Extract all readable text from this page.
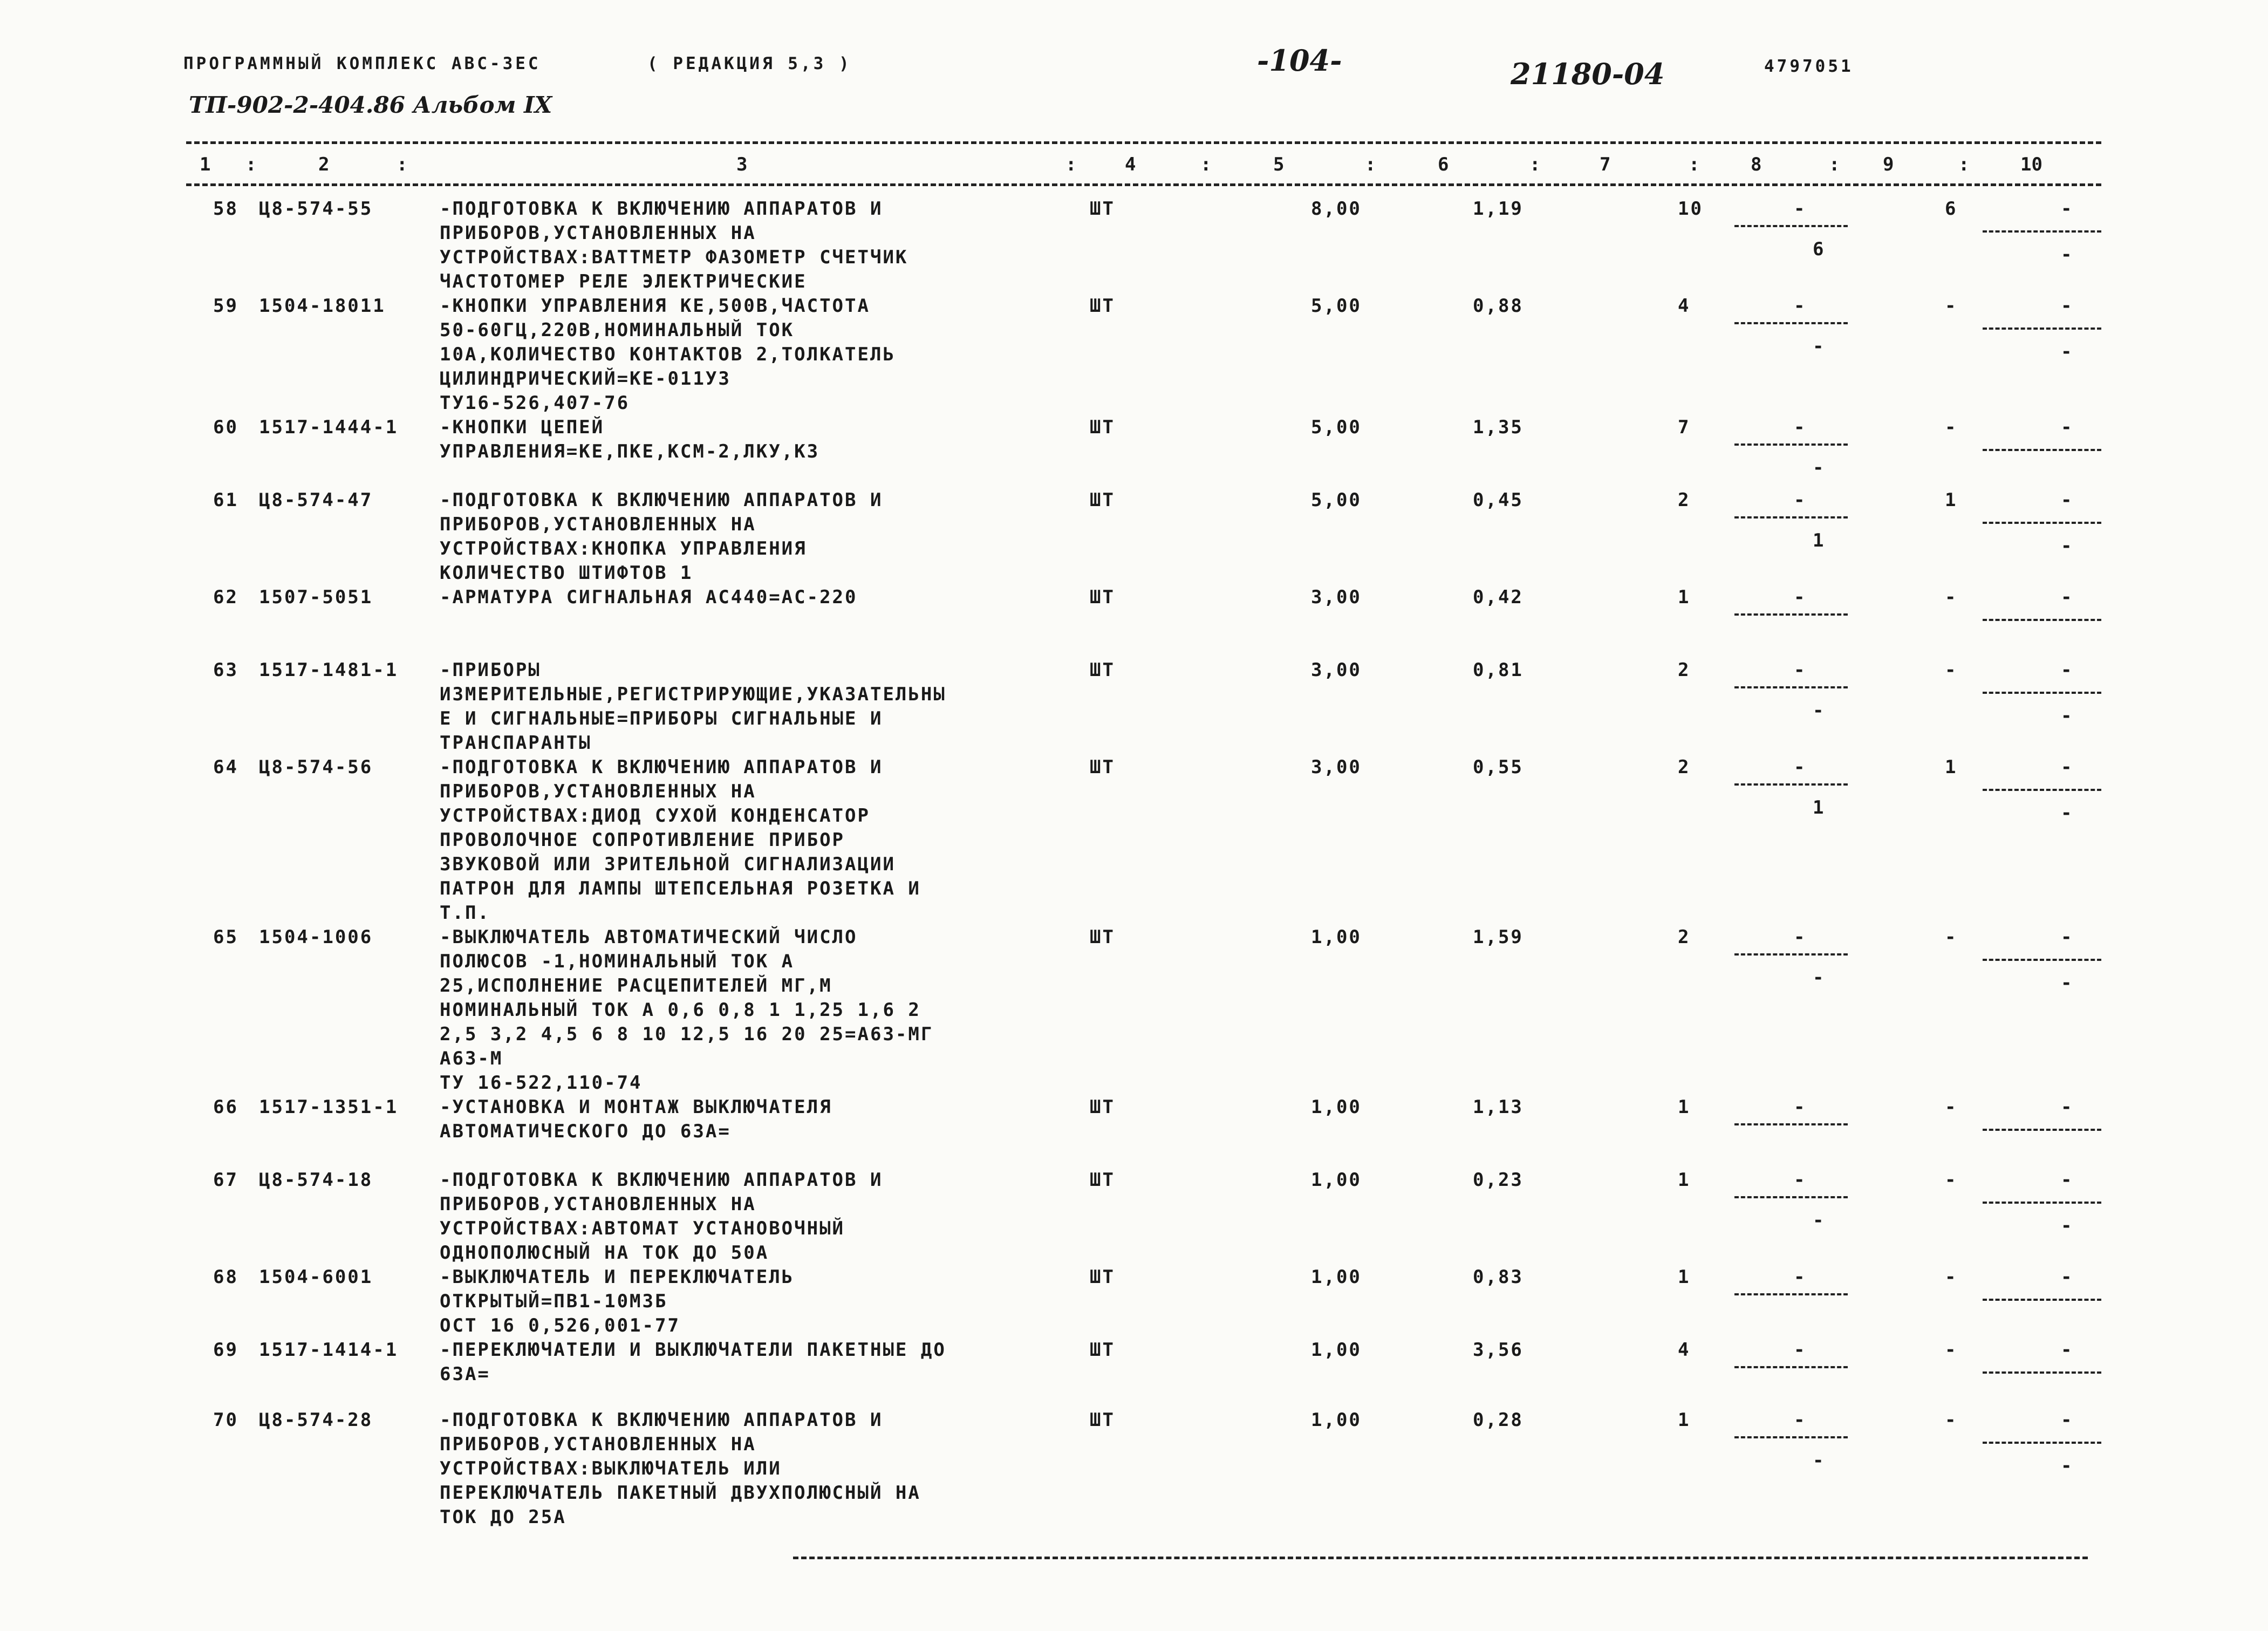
ПРОГРАММНЫЙ КОМПЛЕКС АВС-3ЕС	( РЕДАКЦИЯ 5,3 )	-104-	21180-04	4797051
ТП-902-2-404.86 Альбом IX
1 :	2	:	3	:	4	:	5	:	6	:	7	:	8	: 9	:	10
58 Ц8-574-55	-ПОДГОТОВКА К ВКЛЮЧЕНИЮ АППАРАТОВ И
ПРИБОРОВ,УСТАНОВЛЕННЫХ НА
УСТРОЙСТВАХ:ВАТТМЕТР ФАЗОМЕТР СЧЕТЧИК
ЧАСТОТОМЕР РЕЛЕ ЭЛЕКТРИЧЕСКИЕ
ШТ	8,00	1,19	10	-	6	-
6	-
59 1504-18011	-КНОПКИ УПРАВЛЕНИЯ КЕ,500В,ЧАСТОТА
50-60ГЦ,220В,НОМИНАЛЬНЫЙ ТОК
10А,КОЛИЧЕСТВО КОНТАКТОВ 2,ТОЛКАТЕЛЬ
ЦИЛИНДРИЧЕСКИЙ=КЕ-011УЗ
ТУ16-526,407-76
ШТ	5,00	0,88	4	-	-	-
-	-
60 1517-1444-1 -КНОПКИ ЦЕПЕЙ
УПРАВЛЕНИЯ=КЕ,ПКЕ,КСМ-2,ЛКУ,КЗ
ШТ	5,00	1,35	7	-	-	-
-
61 Ц8-574-47	-ПОДГОТОВКА К ВКЛЮЧЕНИЮ АППАРАТОВ И
ПРИБОРОВ,УСТАНОВЛЕННЫХ НА
УСТРОЙСТВАХ:КНОПКА УПРАВЛЕНИЯ
КОЛИЧЕСТВО ШТИФТОВ 1
ШТ	5,00	0,45	2	-	1	-
1	-
62 1507-5051	-АРМАТУРА СИГНАЛЬНАЯ АС440=АС-220	ШТ	3,00	0,42	1	-	-	-
63 1517-1481-1 -ПРИБОРЫ
ИЗМЕРИТЕЛЬНЫЕ,РЕГИСТРИРУЮЩИЕ,УКАЗАТЕЛЬНЫ
Е И СИГНАЛЬНЫЕ=ПРИБОРЫ СИГНАЛЬНЫЕ И
ТРАНСПАРАНТЫ
ШТ	3,00	0,81	2	-	-	-
-	-
64 Ц8-574-56	-ПОДГОТОВКА К ВКЛЮЧЕНИЮ АППАРАТОВ И
ПРИБОРОВ,УСТАНОВЛЕННЫХ НА
УСТРОЙСТВАХ:ДИОД СУХОЙ КОНДЕНСАТОР
ПРОВОЛОЧНОЕ СОПРОТИВЛЕНИЕ ПРИБОР
ЗВУКОВОЙ ИЛИ ЗРИТЕЛЬНОЙ СИГНАЛИЗАЦИИ
ПАТРОН ДЛЯ ЛАМПЫ ШТЕПСЕЛЬНАЯ РОЗЕТКА И
Т.П.
ШТ	3,00	0,55	2	-	1	-
1	-
65 1504-1006	-ВЫКЛЮЧАТЕЛЬ АВТОМАТИЧЕСКИЙ ЧИСЛО
ПОЛЮСОВ -1,НОМИНАЛЬНЫЙ ТОК А
25,ИСПОЛНЕНИЕ РАСЦЕПИТЕЛЕЙ МГ,М
НОМИНАЛЬНЫЙ ТОК А 0,6 0,8 1 1,25 1,6 2
2,5 3,2 4,5 6 8 10 12,5 16 20 25=А63-МГ
А63-М
ТУ 16-522,110-74
ШТ	1,00	1,59	2	-	-	-
-	-
66 1517-1351-1 -УСТАНОВКА И МОНТАЖ ВЫКЛЮЧАТЕЛЯ
АВТОМАТИЧЕСКОГО ДО 63А=
ШТ	1,00	1,13	1	-	-	-
67 Ц8-574-18	-ПОДГОТОВКА К ВКЛЮЧЕНИЮ АППАРАТОВ И
ПРИБОРОВ,УСТАНОВЛЕННЫХ НА
УСТРОЙСТВАХ:АВТОМАТ УСТАНОВОЧНЫЙ
ОДНОПОЛЮСНЫЙ НА ТОК ДО 50А
ШТ	1,00	0,23	1	-	-	-
-	-
68 1504-6001	-ВЫКЛЮЧАТЕЛЬ И ПЕРЕКЛЮЧАТЕЛЬ
ОТКРЫТЫЙ=ПВ1-10М3Б
ОСТ 16 0,526,001-77
ШТ	1,00	0,83	1	-	-	-
69 1517-1414-1 -ПЕРЕКЛЮЧАТЕЛИ И ВЫКЛЮЧАТЕЛИ ПАКЕТНЫЕ ДО
63А=
ШТ	1,00	3,56	4	-	-	-
70 Ц8-574-28	-ПОДГОТОВКА К ВКЛЮЧЕНИЮ АППАРАТОВ И
ПРИБОРОВ,УСТАНОВЛЕННЫХ НА
УСТРОЙСТВАХ:ВЫКЛЮЧАТЕЛЬ ИЛИ
ПЕРЕКЛЮЧАТЕЛЬ ПАКЕТНЫЙ ДВУХПОЛЮСНЫЙ НА
ТОК ДО 25А
ШТ	1,00	0,28	1	-	-	-
-	-
